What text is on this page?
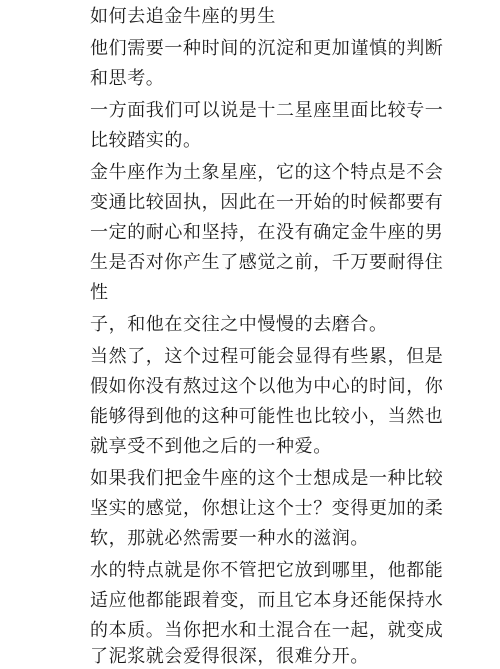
如何去追金牛座的男生
他们需要一种时间的沉淀和更加谨慎的判断
和思考。
一方面我们可以说是十二星座里面比较专一
比较踏实的。
金牛座作为土象星座，它的这个特点是不会
变通比较固执，因此在一开始的时候都要有
一定的耐心和坚持，在没有确定金牛座的男
生是否对你产生了感觉之前，千万要耐得住
性
子，和他在交往之中慢慢的去磨合。
当然了，这个过程可能会显得有些累，但是
假如你没有熬过这个以他为中心的时间，你
能够得到他的这种可能性也比较小，当然也
就享受不到他之后的一种爱。
如果我们把金牛座的这个士想成是一种比较
坚实的感觉，你想让这个士？变得更加的柔
软，那就必然需要一种水的滋润。
水的特点就是你不管把它放到哪里，他都能
适应他都能跟着变，而且它本身还能保持水
的本质。当你把水和土混合在一起，就变成
了泥浆就会爱得很深，很难分开。
